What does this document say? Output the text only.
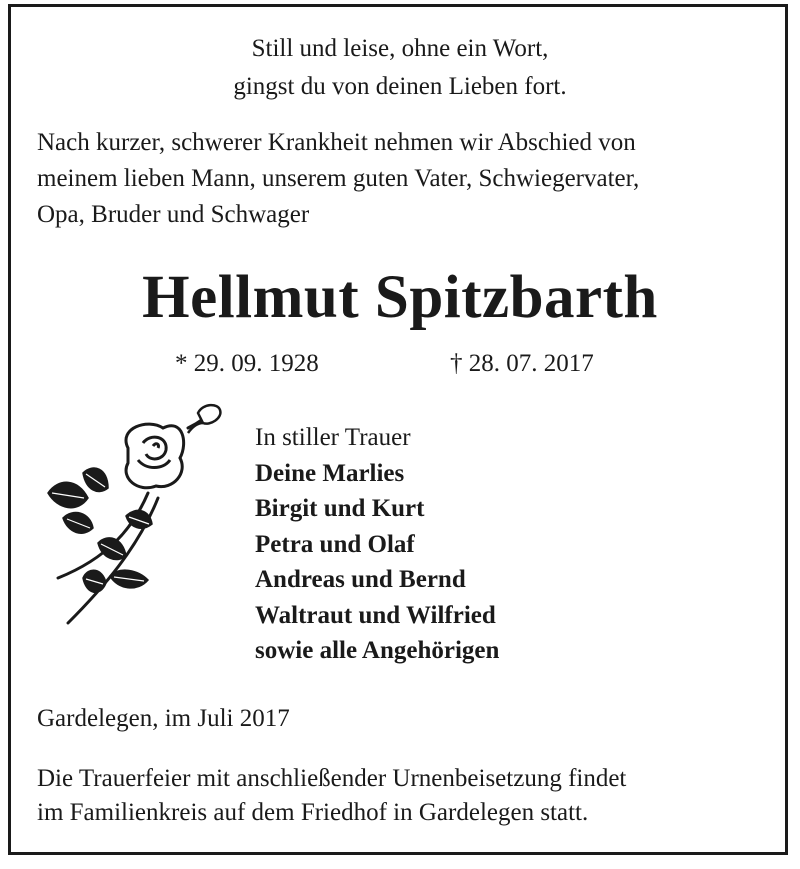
Still und leise, ohne ein Wort,
gingst du von deinen Lieben fort.
Nach kurzer, schwerer Krankheit nehmen wir Abschied von
meinem lieben Mann, unserem guten Vater, Schwiegervater,
Opa, Bruder und Schwager
Hellmut Spitzbarth
* 29. 09. 1928	† 28. 07. 2017
In stiller Trauer
Deine Marlies
Birgit und Kurt
Petra und Olaf
Andreas und Bernd
Waltraut und Wilfried
sowie alle Angehörigen
Gardelegen, im Juli 2017
Die Trauerfeier mit anschließender Urnenbeisetzung findet
im Familienkreis auf dem Friedhof in Gardelegen statt.
